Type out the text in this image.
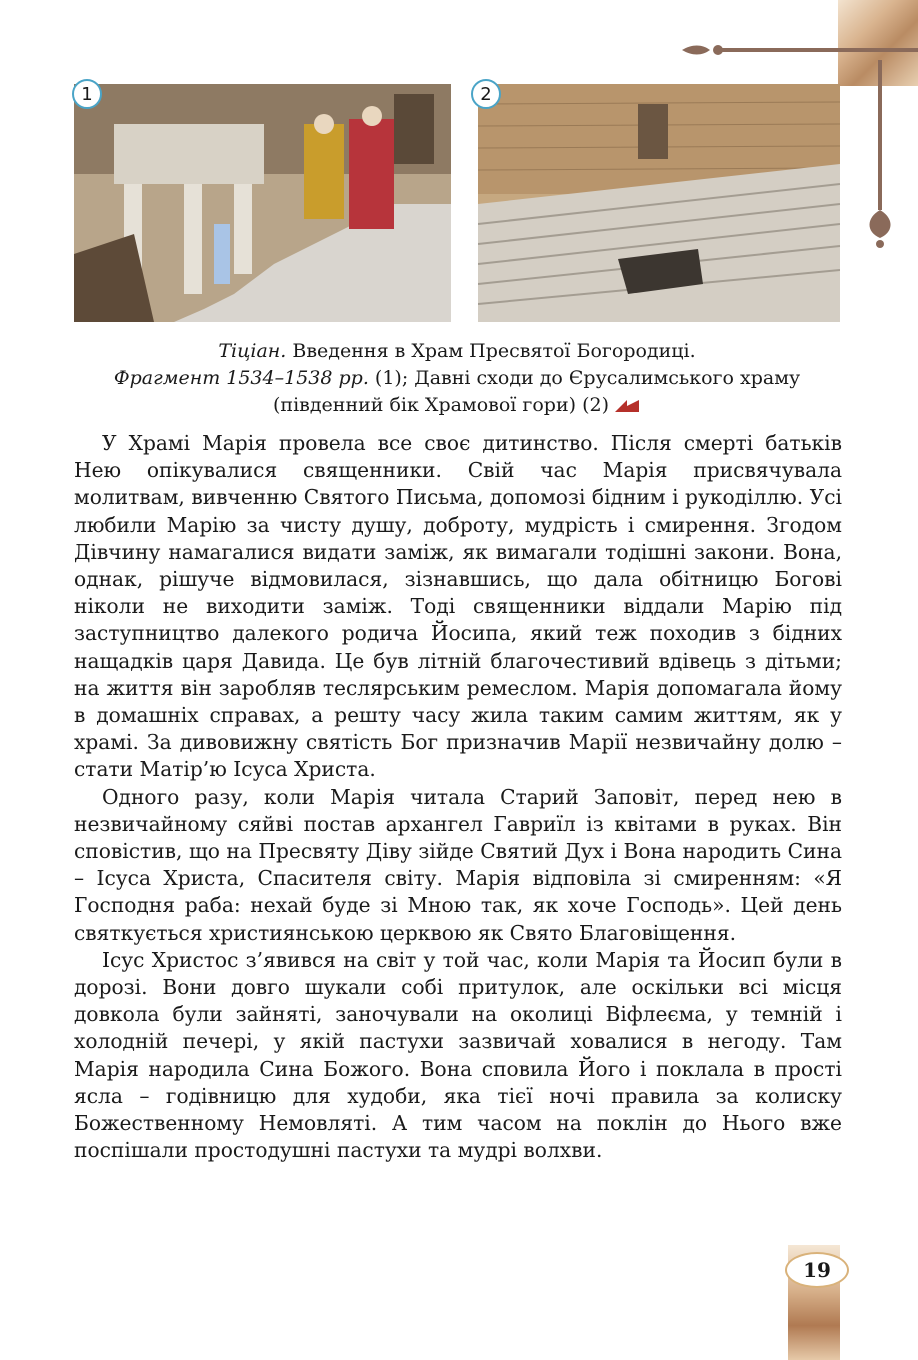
1	2
Тіціан. Введення в Храм Пресвятої Богородиці.
Фрагмент 1534–1538 рр. (1); Давні сходи до Єрусалимського храму
(південний бік Храмової гори) (2)

У Храмі Марія провела все своє дитинство. Після смерті батьків Нею опікувалися священники. Свій час Марія присвячувала молитвам, вивченню Святого Письма, допомозі бідним і рукоділлю. Усі любили Марію за чисту душу, доброту, мудрість і смирення. Згодом Дівчину намагалися видати заміж, як вимагали тодішні закони. Вона, однак, рішуче відмовилася, зізнавшись, що дала обітницю Богові ніколи не виходити заміж. Тоді священники віддали Марію під заступництво далекого родича Йосипа, який теж походив з бідних нащадків царя Давида. Це був літній благочестивий вдівець з дітьми; на життя він заробляв теслярським ремеслом. Марія допомагала йому в домашніх справах, а решту часу жила таким самим життям, як у храмі. За дивовижну святість Бог призначив Марії незвичайну долю – стати Матір’ю Ісуса Христа.

Одного разу, коли Марія читала Старий Заповіт, перед нею в незвичайному сяйві постав архангел Гавриїл із квітами в руках. Він сповістив, що на Пресвяту Діву зійде Святий Дух і Вона народить Сина – Ісуса Христа, Спасителя світу. Марія відповіла зі смиренням: «Я Господня раба: нехай буде зі Мною так, як хоче Господь». Цей день святкується християнською церквою як Свято Благовіщення.

Ісус Христос з’явився на світ у той час, коли Марія та Йосип були в дорозі. Вони довго шукали собі притулок, але оскільки всі місця довкола були зайняті, заночували на околиці Віфлеєма, у темній і холодній печері, у якій пастухи зазвичай ховалися в негоду. Там Марія народила Сина Божого. Вона сповила Його і поклала в прості ясла – годівницю для худоби, яка тієї ночі правила за колиску Божественному Немовляті. А тим часом на поклін до Нього вже поспішали простодушні пастухи та мудрі волхви.

19
